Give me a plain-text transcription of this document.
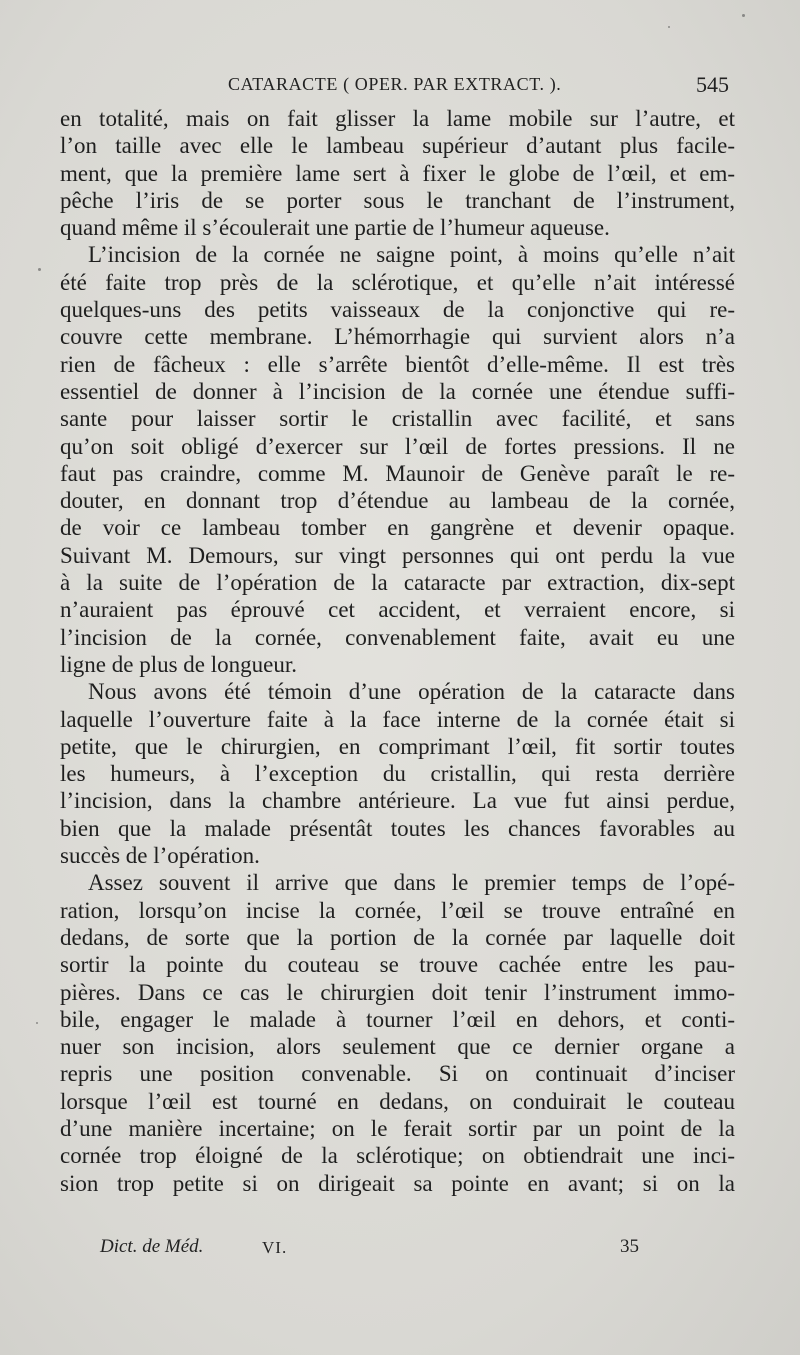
CATARACTE ( OPER. PAR EXTRACT. ).	545
en totalité, mais on fait glisser la lame mobile sur l’autre, et
l’on taille avec elle le lambeau supérieur d’autant plus facile-
ment, que la première lame sert à fixer le globe de l’œil, et em-
pêche l’iris de se porter sous le tranchant de l’instrument,
quand même il s’écoulerait une partie de l’humeur aqueuse.
L’incision de la cornée ne saigne point, à moins qu’elle n’ait
été faite trop près de la sclérotique, et qu’elle n’ait intéressé
quelques-uns des petits vaisseaux de la conjonctive qui re-
couvre cette membrane. L’hémorrhagie qui survient alors n’a
rien de fâcheux : elle s’arrête bientôt d’elle-même. Il est très
essentiel de donner à l’incision de la cornée une étendue suffi-
sante pour laisser sortir le cristallin avec facilité, et sans
qu’on soit obligé d’exercer sur l’œil de fortes pressions. Il ne
faut pas craindre, comme M. Maunoir de Genève paraît le re-
douter, en donnant trop d’étendue au lambeau de la cornée,
de voir ce lambeau tomber en gangrène et devenir opaque.
Suivant M. Demours, sur vingt personnes qui ont perdu la vue
à la suite de l’opération de la cataracte par extraction, dix-sept
n’auraient pas éprouvé cet accident, et verraient encore, si
l’incision de la cornée, convenablement faite, avait eu une
ligne de plus de longueur.
Nous avons été témoin d’une opération de la cataracte dans
laquelle l’ouverture faite à la face interne de la cornée était si
petite, que le chirurgien, en comprimant l’œil, fit sortir toutes
les humeurs, à l’exception du cristallin, qui resta derrière
l’incision, dans la chambre antérieure. La vue fut ainsi perdue,
bien que la malade présentât toutes les chances favorables au
succès de l’opération.
Assez souvent il arrive que dans le premier temps de l’opé-
ration, lorsqu’on incise la cornée, l’œil se trouve entraîné en
dedans, de sorte que la portion de la cornée par laquelle doit
sortir la pointe du couteau se trouve cachée entre les pau-
pières. Dans ce cas le chirurgien doit tenir l’instrument immo-
bile, engager le malade à tourner l’œil en dehors, et conti-
nuer son incision, alors seulement que ce dernier organe a
repris une position convenable. Si on continuait d’inciser
lorsque l’œil est tourné en dedans, on conduirait le couteau
d’une manière incertaine; on le ferait sortir par un point de la
cornée trop éloigné de la sclérotique; on obtiendrait une inci-
sion trop petite si on dirigeait sa pointe en avant; si on la
Dict. de Méd.	VI.	35
